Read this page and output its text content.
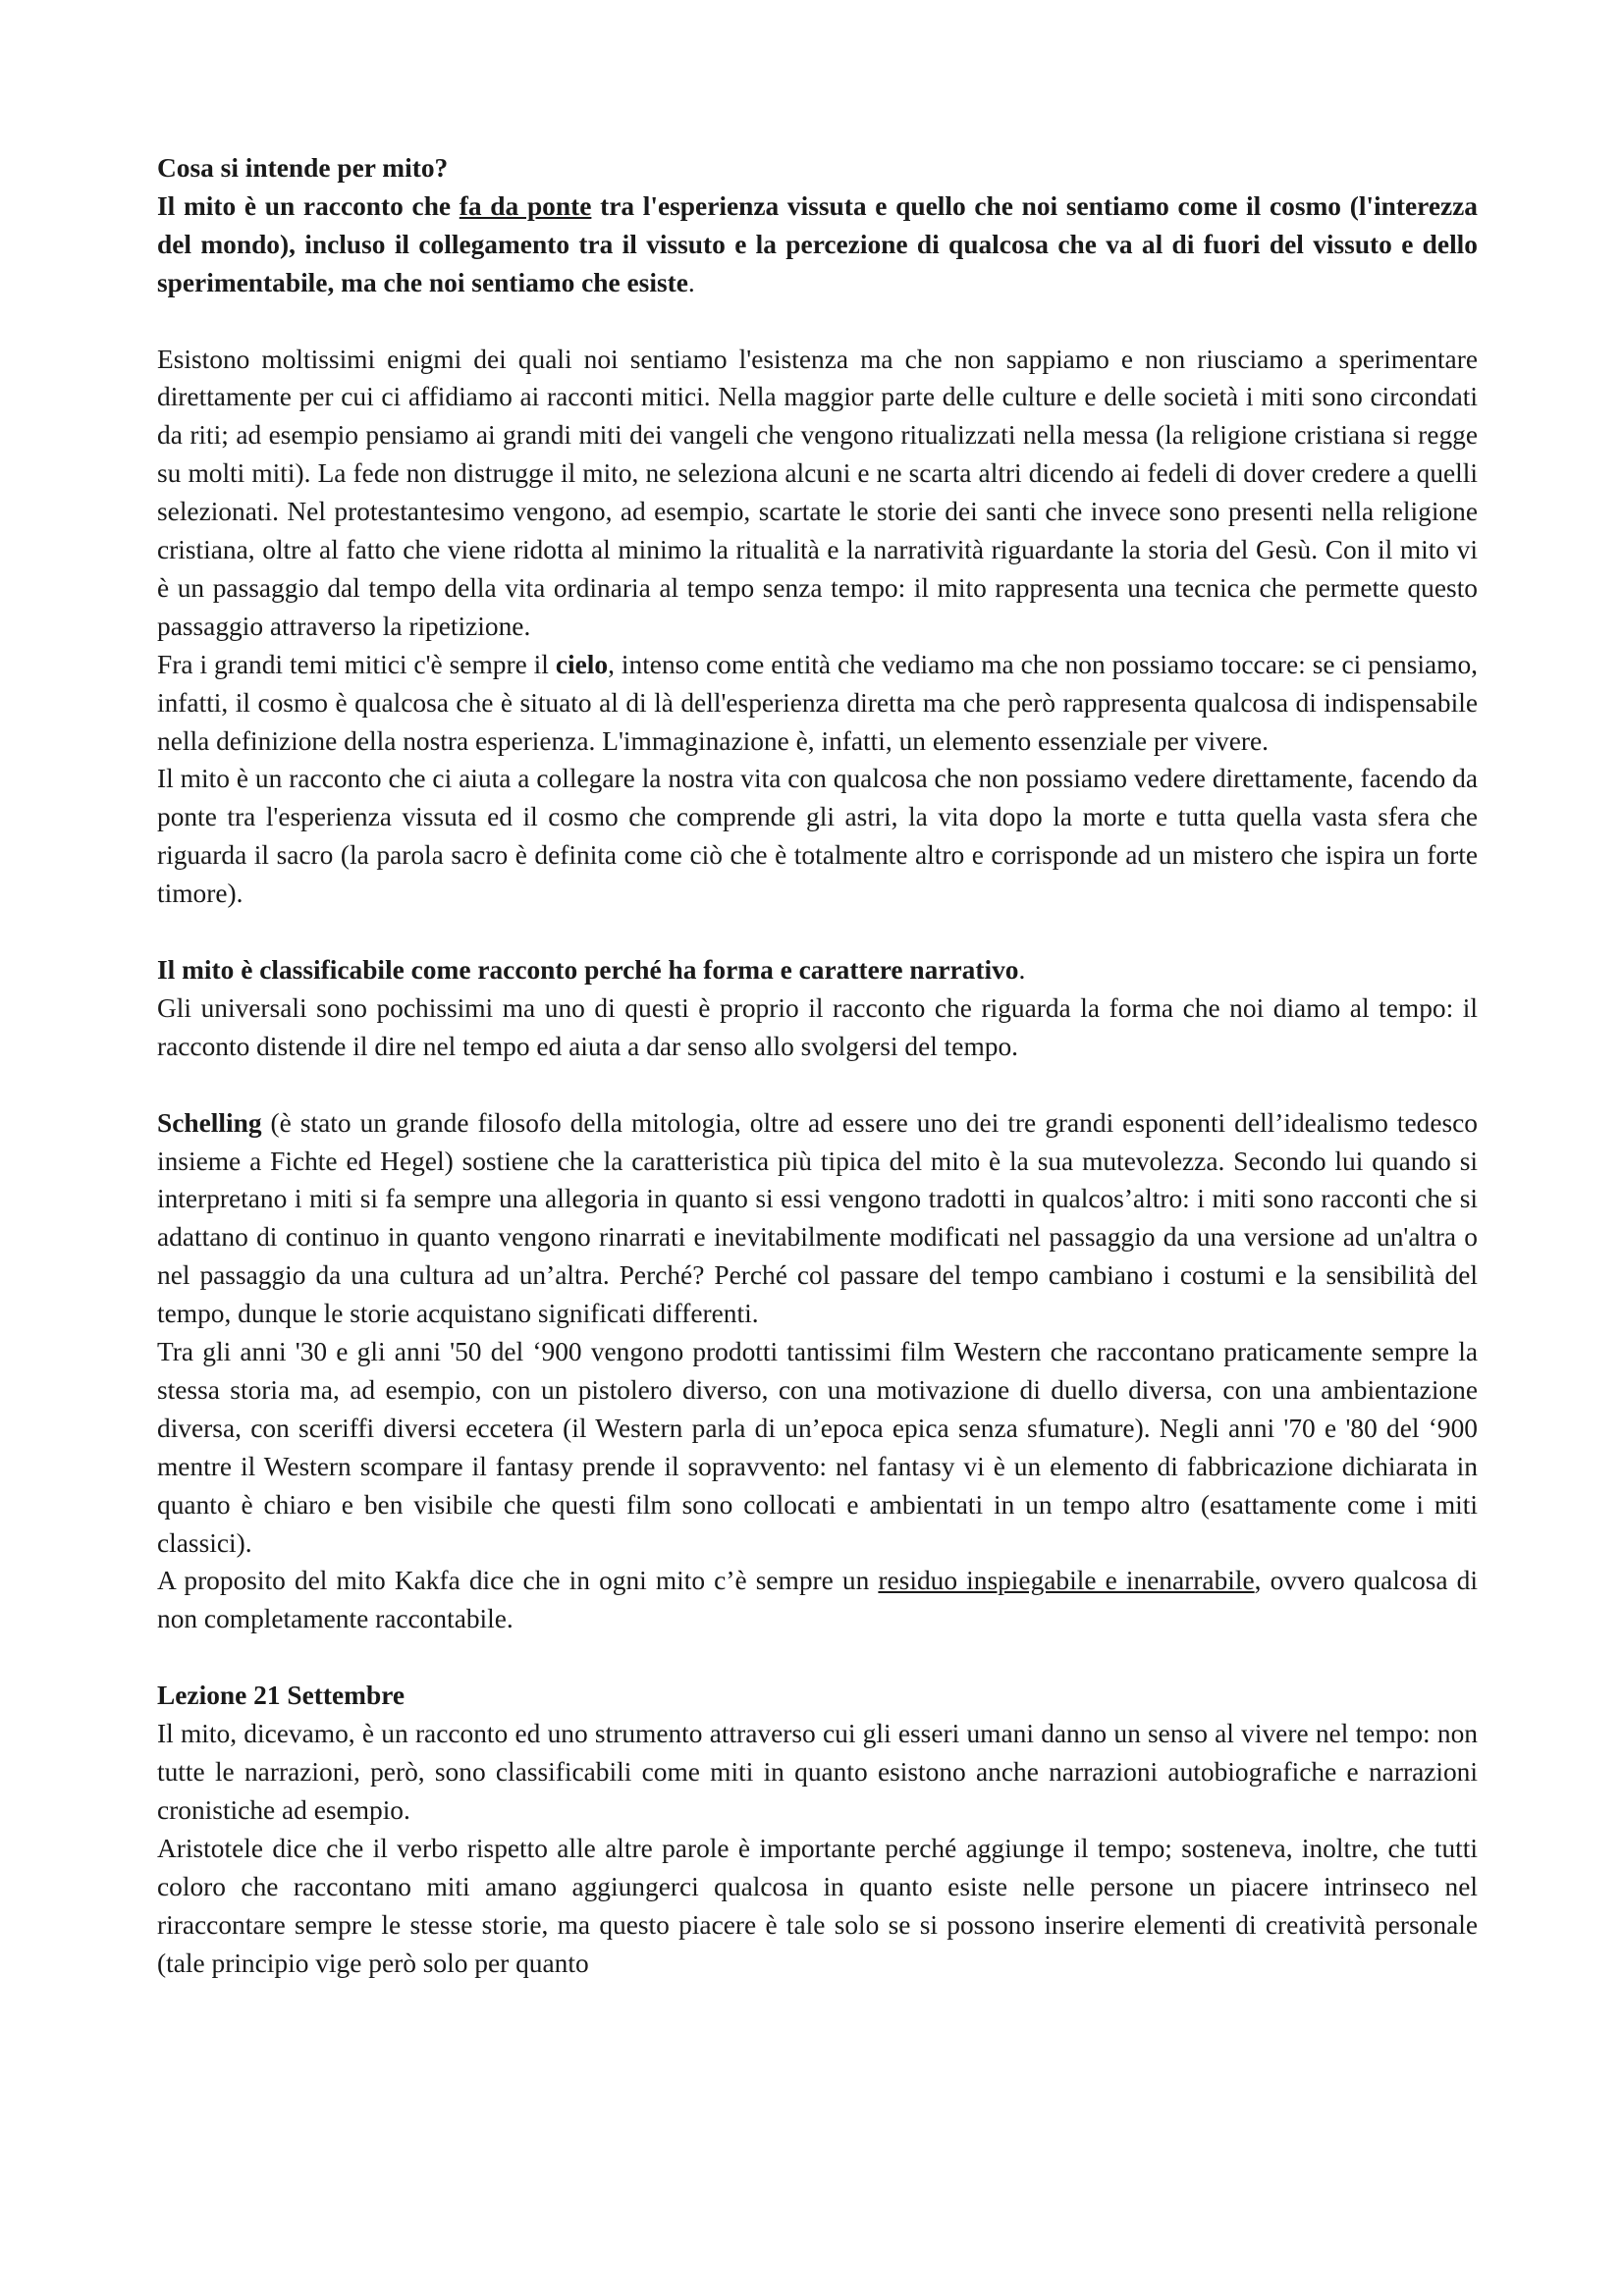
Cosa si intende per mito?
Il mito è un racconto che fa da ponte tra l'esperienza vissuta e quello che noi sentiamo come il cosmo (l'interezza del mondo), incluso il collegamento tra il vissuto e la percezione di qualcosa che va al di fuori del vissuto e dello sperimentabile, ma che noi sentiamo che esiste.

Esistono moltissimi enigmi dei quali noi sentiamo l'esistenza ma che non sappiamo e non riusciamo a sperimentare direttamente per cui ci affidiamo ai racconti mitici. Nella maggior parte delle culture e delle società i miti sono circondati da riti; ad esempio pensiamo ai grandi miti dei vangeli che vengono ritualizzati nella messa (la religione cristiana si regge su molti miti). La fede non distrugge il mito, ne seleziona alcuni e ne scarta altri dicendo ai fedeli di dover credere a quelli selezionati. Nel protestantesimo vengono, ad esempio, scartate le storie dei santi che invece sono presenti nella religione cristiana, oltre al fatto che viene ridotta al minimo la ritualità e la narratività riguardante la storia del Gesù. Con il mito vi è un passaggio dal tempo della vita ordinaria al tempo senza tempo: il mito rappresenta una tecnica che permette questo passaggio attraverso la ripetizione.

Fra i grandi temi mitici c'è sempre il cielo, intenso come entità che vediamo ma che non possiamo toccare: se ci pensiamo, infatti, il cosmo è qualcosa che è situato al di là dell'esperienza diretta ma che però rappresenta qualcosa di indispensabile nella definizione della nostra esperienza. L'immaginazione è, infatti, un elemento essenziale per vivere.

Il mito è un racconto che ci aiuta a collegare la nostra vita con qualcosa che non possiamo vedere direttamente, facendo da ponte tra l'esperienza vissuta ed il cosmo che comprende gli astri, la vita dopo la morte e tutta quella vasta sfera che riguarda il sacro (la parola sacro è definita come ciò che è totalmente altro e corrisponde ad un mistero che ispira un forte timore).

Il mito è classificabile come racconto perché ha forma e carattere narrativo.
Gli universali sono pochissimi ma uno di questi è proprio il racconto che riguarda la forma che noi diamo al tempo: il racconto distende il dire nel tempo ed aiuta a dar senso allo svolgersi del tempo.

Schelling (è stato un grande filosofo della mitologia, oltre ad essere uno dei tre grandi esponenti dell’idealismo tedesco insieme a Fichte ed Hegel) sostiene che la caratteristica più tipica del mito è la sua mutevolezza. Secondo lui quando si interpretano i miti si fa sempre una allegoria in quanto si essi vengono tradotti in qualcos’altro: i miti sono racconti che si adattano di continuo in quanto vengono rinarrati e inevitabilmente modificati nel passaggio da una versione ad un'altra o nel passaggio da una cultura ad un’altra. Perché? Perché col passare del tempo cambiano i costumi e la sensibilità del tempo, dunque le storie acquistano significati differenti.

Tra gli anni '30 e gli anni '50 del ‘900 vengono prodotti tantissimi film Western che raccontano praticamente sempre la stessa storia ma, ad esempio, con un pistolero diverso, con una motivazione di duello diversa, con una ambientazione diversa, con sceriffi diversi eccetera (il Western parla di un’epoca epica senza sfumature). Negli anni '70 e '80 del ‘900 mentre il Western scompare il fantasy prende il sopravvento: nel fantasy vi è un elemento di fabbricazione dichiarata in quanto è chiaro e ben visibile che questi film sono collocati e ambientati in un tempo altro (esattamente come i miti classici).

A proposito del mito Kakfa dice che in ogni mito c’è sempre un residuo inspiegabile e inenarrabile, ovvero qualcosa di non completamente raccontabile.

Lezione 21 Settembre

Il mito, dicevamo, è un racconto ed uno strumento attraverso cui gli esseri umani danno un senso al vivere nel tempo: non tutte le narrazioni, però, sono classificabili come miti in quanto esistono anche narrazioni autobiografiche e narrazioni cronistiche ad esempio.

Aristotele dice che il verbo rispetto alle altre parole è importante perché aggiunge il tempo; sosteneva, inoltre, che tutti coloro che raccontano miti amano aggiungerci qualcosa in quanto esiste nelle persone un piacere intrinseco nel riraccontare sempre le stesse storie, ma questo piacere è tale solo se si possono inserire elementi di creatività personale (tale principio vige però solo per quanto
